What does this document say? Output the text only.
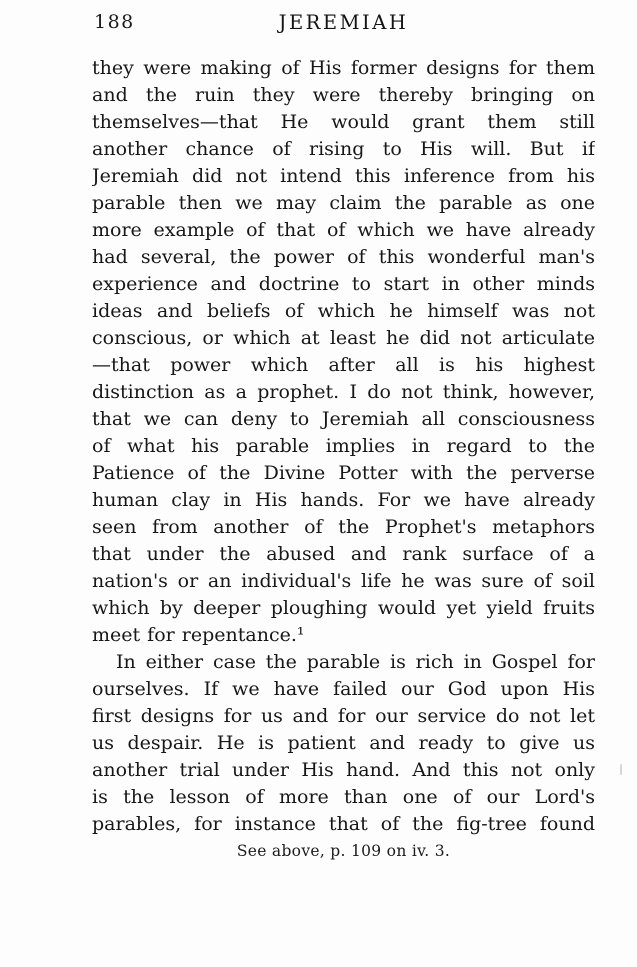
188	JEREMIAH
they were making of His former designs for them
and the ruin they were thereby bringing on
themselves—that He would grant them still
another chance of rising to His will. But if
Jeremiah did not intend this inference from his
parable then we may claim the parable as one
more example of that of which we have already
had several, the power of this wonderful man's
experience and doctrine to start in other minds
ideas and beliefs of which he himself was not
conscious, or which at least he did not articulate
—that power which after all is his highest
distinction as a prophet. I do not think, however,
that we can deny to Jeremiah all consciousness
of what his parable implies in regard to the
Patience of the Divine Potter with the perverse
human clay in His hands. For we have already
seen from another of the Prophet's metaphors
that under the abused and rank surface of a
nation's or an individual's life he was sure of soil
which by deeper ploughing would yet yield fruits
meet for repentance.¹
In either case the parable is rich in Gospel for
ourselves. If we have failed our God upon His
first designs for us and for our service do not let
us despair. He is patient and ready to give us
another trial under His hand. And this not only
is the lesson of more than one of our Lord's
parables, for instance that of the fig-tree found
See above, p. 109 on iv. 3.
